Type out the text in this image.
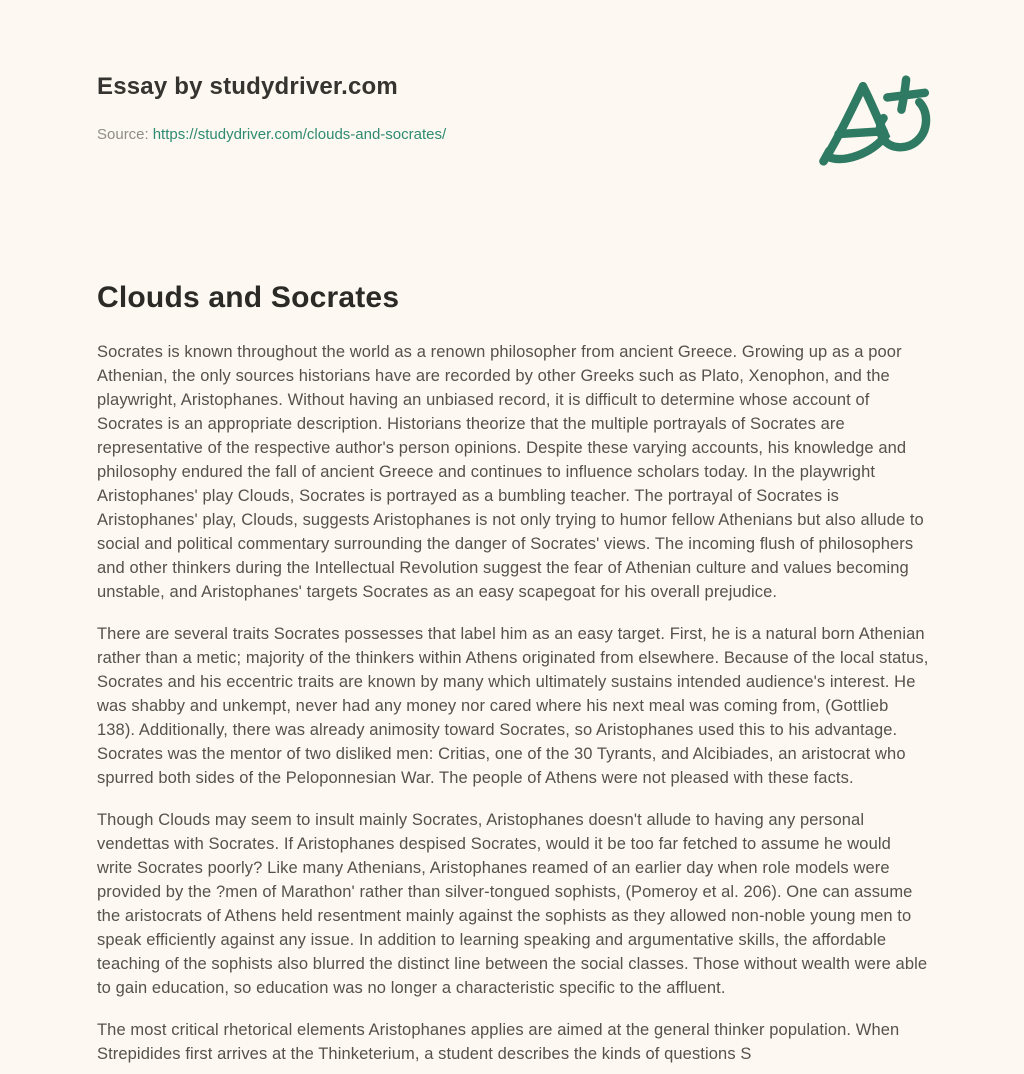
Essay by studydriver.com
Source: https://studydriver.com/clouds-and-socrates/
Clouds and Socrates

Socrates is known throughout the world as a renown philosopher from ancient Greece. Growing up as a poor Athenian, the only sources historians have are recorded by other Greeks such as Plato, Xenophon, and the playwright, Aristophanes. Without having an unbiased record, it is difficult to determine whose account of Socrates is an appropriate description. Historians theorize that the multiple portrayals of Socrates are representative of the respective author's person opinions. Despite these varying accounts, his knowledge and philosophy endured the fall of ancient Greece and continues to influence scholars today. In the playwright Aristophanes' play Clouds, Socrates is portrayed as a bumbling teacher. The portrayal of Socrates is Aristophanes' play, Clouds, suggests Aristophanes is not only trying to humor fellow Athenians but also allude to social and political commentary surrounding the danger of Socrates' views. The incoming flush of philosophers and other thinkers during the Intellectual Revolution suggest the fear of Athenian culture and values becoming unstable, and Aristophanes' targets Socrates as an easy scapegoat for his overall prejudice.

There are several traits Socrates possesses that label him as an easy target. First, he is a natural born Athenian rather than a metic; majority of the thinkers within Athens originated from elsewhere. Because of the local status, Socrates and his eccentric traits are known by many which ultimately sustains intended audience's interest. He was shabby and unkempt, never had any money nor cared where his next meal was coming from, (Gottlieb 138). Additionally, there was already animosity toward Socrates, so Aristophanes used this to his advantage. Socrates was the mentor of two disliked men: Critias, one of the 30 Tyrants, and Alcibiades, an aristocrat who spurred both sides of the Peloponnesian War. The people of Athens were not pleased with these facts.

Though Clouds may seem to insult mainly Socrates, Aristophanes doesn't allude to having any personal vendettas with Socrates. If Aristophanes despised Socrates, would it be too far fetched to assume he would write Socrates poorly? Like many Athenians, Aristophanes reamed of an earlier day when role models were provided by the ?men of Marathon' rather than silver-tongued sophists, (Pomeroy et al. 206). One can assume the aristocrats of Athens held resentment mainly against the sophists as they allowed non-noble young men to speak efficiently against any issue. In addition to learning speaking and argumentative skills, the affordable teaching of the sophists also blurred the distinct line between the social classes. Those without wealth were able to gain education, so education was no longer a characteristic specific to the affluent.

The most critical rhetorical elements Aristophanes applies are aimed at the general thinker population. When Strepidides first arrives at the Thinketerium, a student describes the kinds of questions S
